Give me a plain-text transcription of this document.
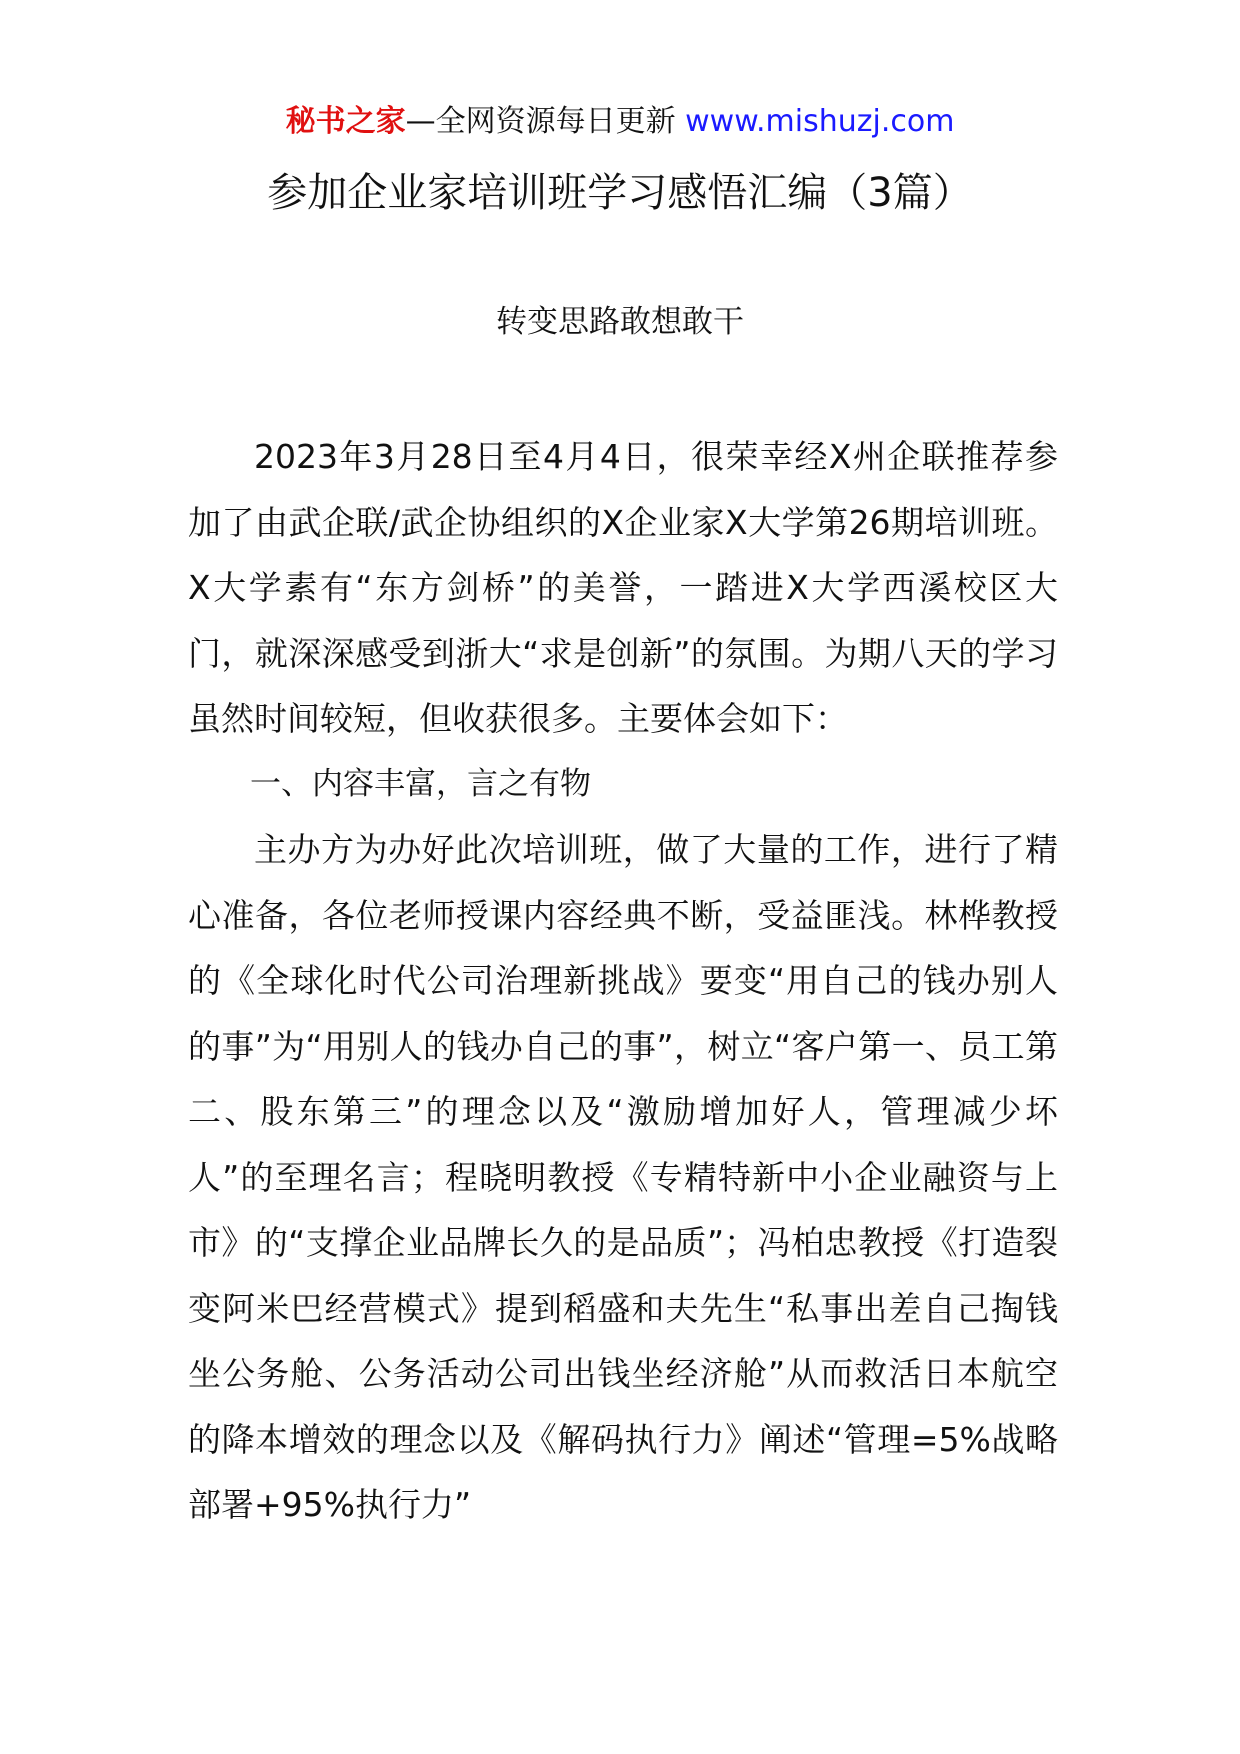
秘书之家—全网资源每日更新 www.mishuzj.com
参加企业家培训班学习感悟汇编（3篇）
转变思路敢想敢干

2023年3月28日至4月4日，很荣幸经X州企联推荐参加了由武企联/武企协组织的X企业家X大学第26期培训班。X大学素有“东方剑桥”的美誉，一踏进X大学西溪校区大门，就深深感受到浙大“求是创新”的氛围。为期八天的学习虽然时间较短，但收获很多。主要体会如下：

一、内容丰富，言之有物

主办方为办好此次培训班，做了大量的工作，进行了精心准备，各位老师授课内容经典不断，受益匪浅。林桦教授的《全球化时代公司治理新挑战》要变“用自己的钱办别人的事”为“用别人的钱办自己的事”，树立“客户第一、员工第二、股东第三”的理念以及“激励增加好人，管理减少坏人”的至理名言；程晓明教授《专精特新中小企业融资与上市》的“支撑企业品牌长久的是品质”；冯柏忠教授《打造裂变阿米巴经营模式》提到稻盛和夫先生“私事出差自己掏钱坐公务舱、公务活动公司出钱坐经济舱”从而救活日本航空的降本增效的理念以及《解码执行力》阐述“管理=5%战略部署+95%执行力”
